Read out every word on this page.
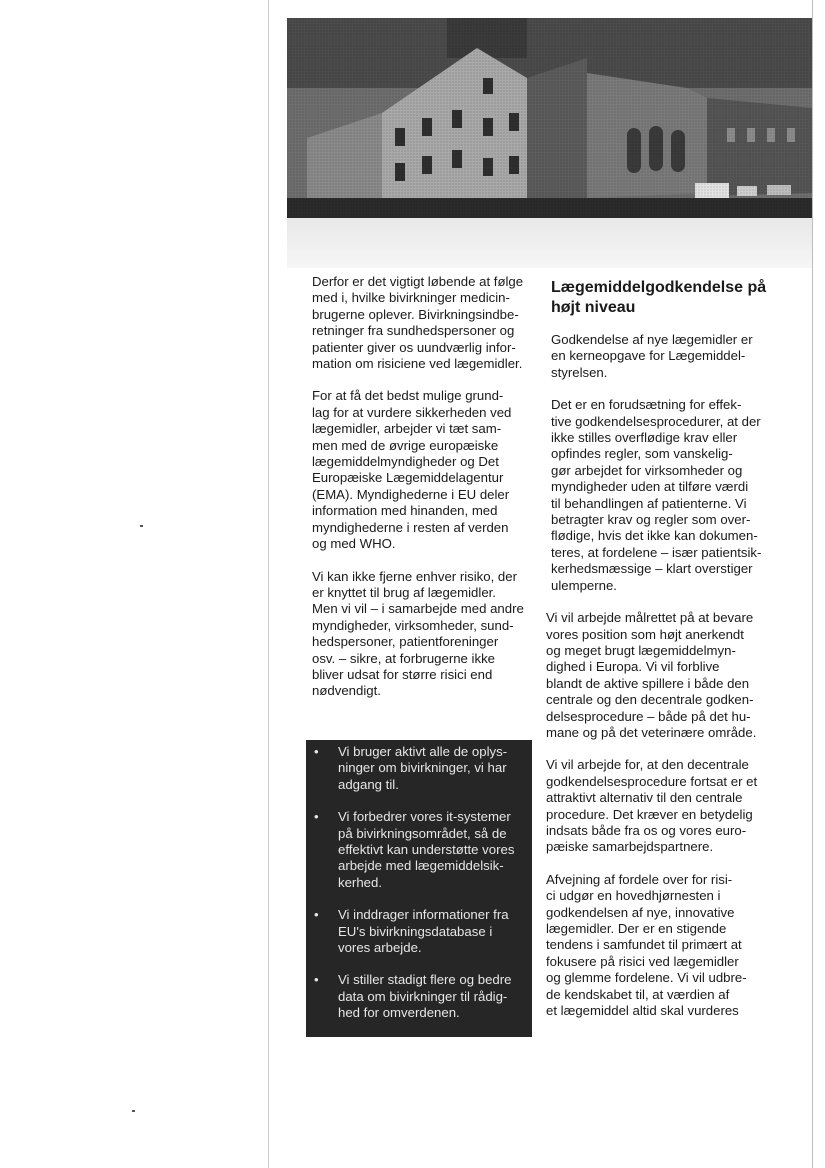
Derfor er det vigtigt løbende at følge
med i, hvilke bivirkninger medicin-
brugerne oplever. Bivirkningsindbe-
retninger fra sundhedspersoner og
patienter giver os uundværlig infor-
mation om risiciene ved lægemidler.

For at få det bedst mulige grund-
lag for at vurdere sikkerheden ved
lægemidler, arbejder vi tæt sam-
men med de øvrige europæiske
lægemiddelmyndigheder og Det
Europæiske Lægemiddelagentur
(EMA). Myndighederne i EU deler
information med hinanden, med
myndighederne i resten af verden
og med WHO.

Vi kan ikke fjerne enhver risiko, der
er knyttet til brug af lægemidler.
Men vi vil – i samarbejde med andre
myndigheder, virksomheder, sund-
hedspersoner, patientforeninger
osv. – sikre, at forbrugerne ikke
bliver udsat for større risici end
nødvendigt.

•	Vi bruger aktivt alle de oplys-
ninger om bivirkninger, vi har
adgang til.
•	Vi forbedrer vores it-systemer
på bivirkningsområdet, så de
effektivt kan understøtte vores
arbejde med lægemiddelsik-
kerhed.
•	Vi inddrager informationer fra
EU's bivirkningsdatabase i
vores arbejde.
•	Vi stiller stadigt flere og bedre
data om bivirkninger til rådig-
hed for omverdenen.
Lægemiddelgodkendelse på
højt niveau

Godkendelse af nye lægemidler er
en kerneopgave for Lægemiddel-
styrelsen.

Det er en forudsætning for effek-
tive godkendelsesprocedurer, at der
ikke stilles overflødige krav eller
opfindes regler, som vanskelig-
gør arbejdet for virksomheder og
myndigheder uden at tilføre værdi
til behandlingen af patienterne. Vi
betragter krav og regler som over-
flødige, hvis det ikke kan dokumen-
teres, at fordelene – især patientsik-
kerhedsmæssige – klart overstiger
ulemperne.

Vi vil arbejde målrettet på at bevare
vores position som højt anerkendt
og meget brugt lægemiddelmyn-
dighed i Europa. Vi vil forblive
blandt de aktive spillere i både den
centrale og den decentrale godken-
delsesprocedure – både på det hu-
mane og på det veterinære område.

Vi vil arbejde for, at den decentrale
godkendelsesprocedure fortsat er et
attraktivt alternativ til den centrale
procedure. Det kræver en betydelig
indsats både fra os og vores euro-
pæiske samarbejdspartnere.

Afvejning af fordele over for risi-
ci udgør en hovedhjørnesten i
godkendelsen af nye, innovative
lægemidler. Der er en stigende
tendens i samfundet til primært at
fokusere på risici ved lægemidler
og glemme fordelene. Vi vil udbre-
de kendskabet til, at værdien af
et lægemiddel altid skal vurderes
